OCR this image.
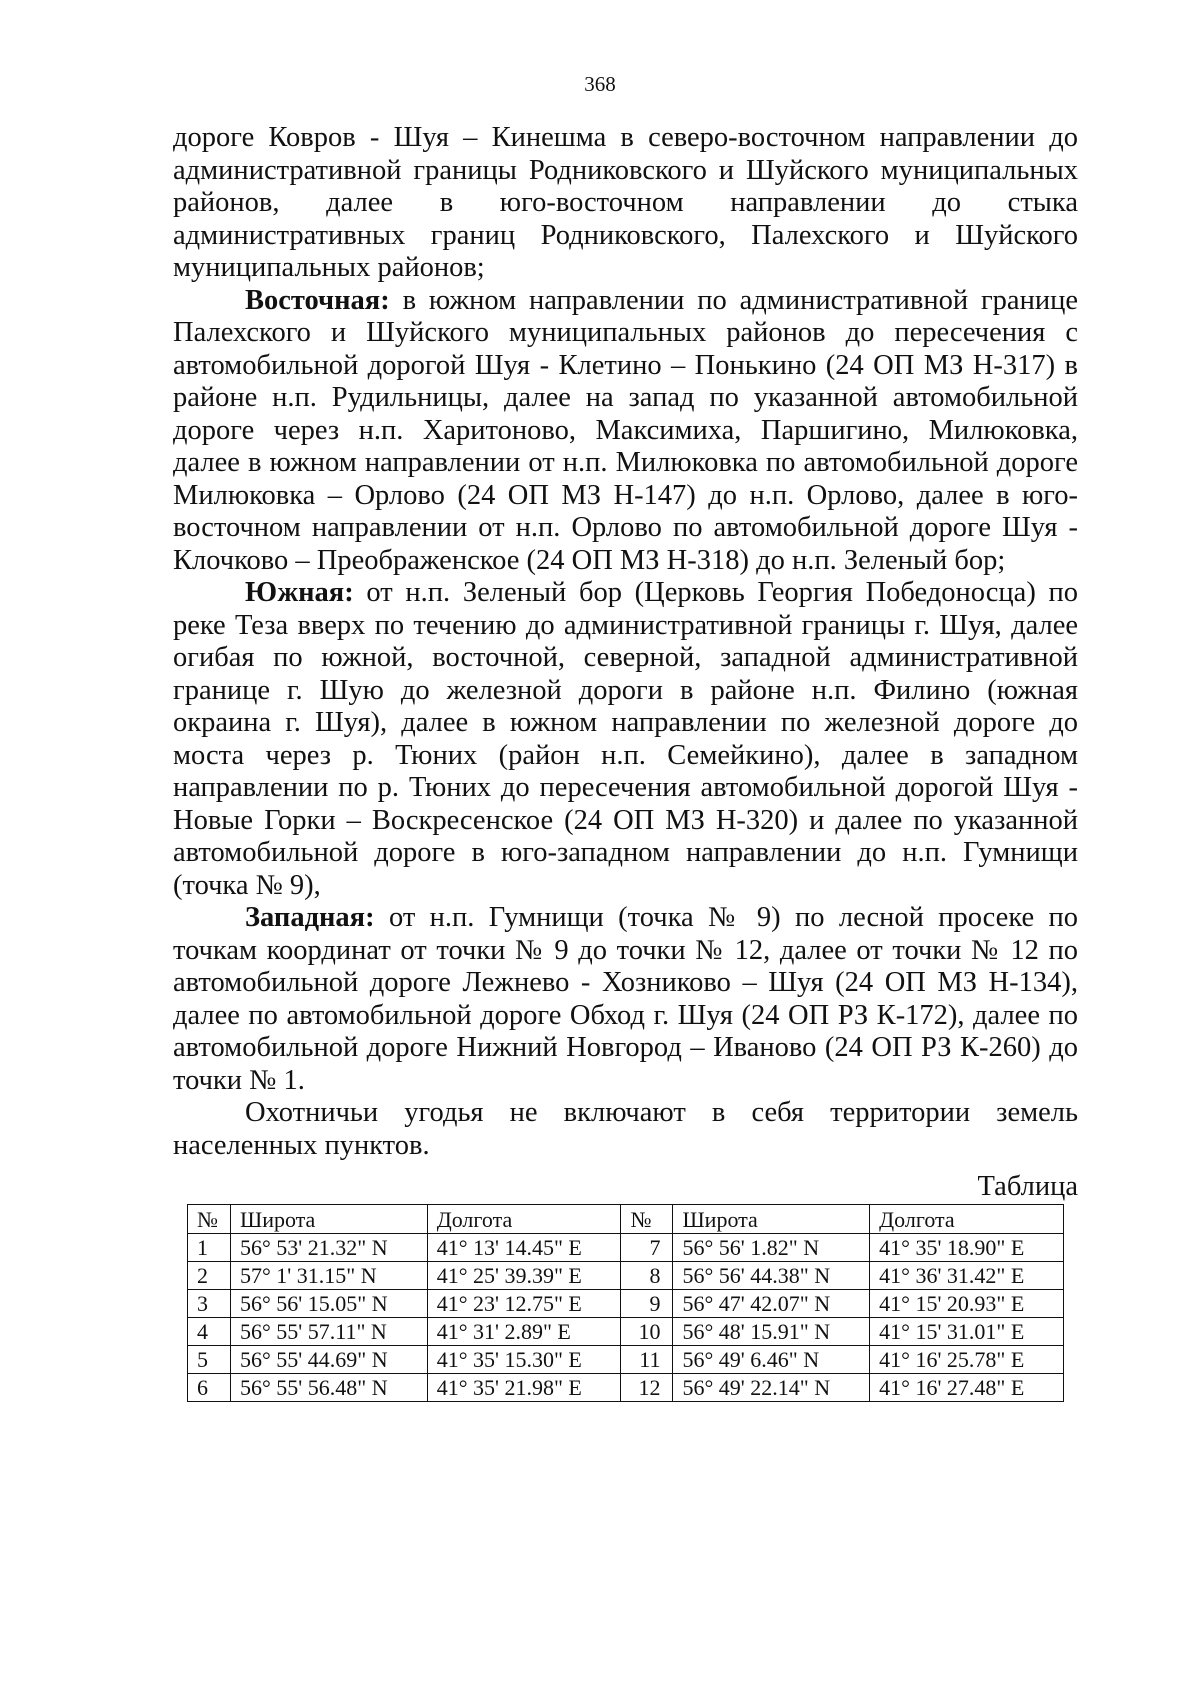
368

дороге Ковров - Шуя – Кинешма в северо-восточном направлении до административной границы Родниковского и Шуйского муниципальных районов, далее в юго-восточном направлении до стыка административных границ Родниковского, Палехского и Шуйского муниципальных районов;

Восточная: в южном направлении по административной границе Палехского и Шуйского муниципальных районов до пересечения с автомобильной дорогой Шуя - Клетино – Понькино (24 ОП МЗ Н-317) в районе н.п. Рудильницы, далее на запад по указанной автомобильной дороге через н.п. Харитоново, Максимиха, Паршигино, Милюковка, далее в южном направлении от н.п. Милюковка по автомобильной дороге Милюковка – Орлово (24 ОП МЗ Н-147) до н.п. Орлово, далее в юго-восточном направлении от н.п. Орлово по автомобильной дороге Шуя - Клочково – Преображенское (24 ОП МЗ Н-318) до н.п. Зеленый бор;

Южная: от н.п. Зеленый бор (Церковь Георгия Победоносца) по реке Теза вверх по течению до административной границы г. Шуя, далее огибая по южной, восточной, северной, западной административной границе г. Шую до железной дороги в районе н.п. Филино (южная окраина г. Шуя), далее в южном направлении по железной дороге до моста через р. Тюних (район н.п. Семейкино), далее в западном направлении по р. Тюних до пересечения автомобильной дорогой Шуя - Новые Горки – Воскресенское (24 ОП МЗ Н-320) и далее по указанной автомобильной дороге в юго-западном направлении до н.п. Гумнищи (точка № 9),

Западная: от н.п. Гумнищи (точка № 9) по лесной просеке по точкам координат от точки № 9 до точки № 12, далее от точки № 12 по автомобильной дороге Лежнево - Хозниково – Шуя (24 ОП МЗ Н-134), далее по автомобильной дороге Обход г. Шуя (24 ОП РЗ К-172), далее по автомобильной дороге Нижний Новгород – Иваново (24 ОП РЗ К-260) до точки № 1.

Охотничьи угодья не включают в себя территории земель населенных пунктов.

Таблица
№	Широта	Долгота	№	Широта	Долгота
1	56° 53' 21.32" N	41° 13' 14.45" E	7	56° 56' 1.82" N	41° 35' 18.90" E
2	57° 1' 31.15" N	41° 25' 39.39" E	8	56° 56' 44.38" N	41° 36' 31.42" E
3	56° 56' 15.05" N	41° 23' 12.75" E	9	56° 47' 42.07" N	41° 15' 20.93" E
4	56° 55' 57.11" N	41° 31' 2.89" E	10	56° 48' 15.91" N	41° 15' 31.01" E
5	56° 55' 44.69" N	41° 35' 15.30" E	11	56° 49' 6.46" N	41° 16' 25.78" E
6	56° 55' 56.48" N	41° 35' 21.98" E	12	56° 49' 22.14" N	41° 16' 27.48" E
